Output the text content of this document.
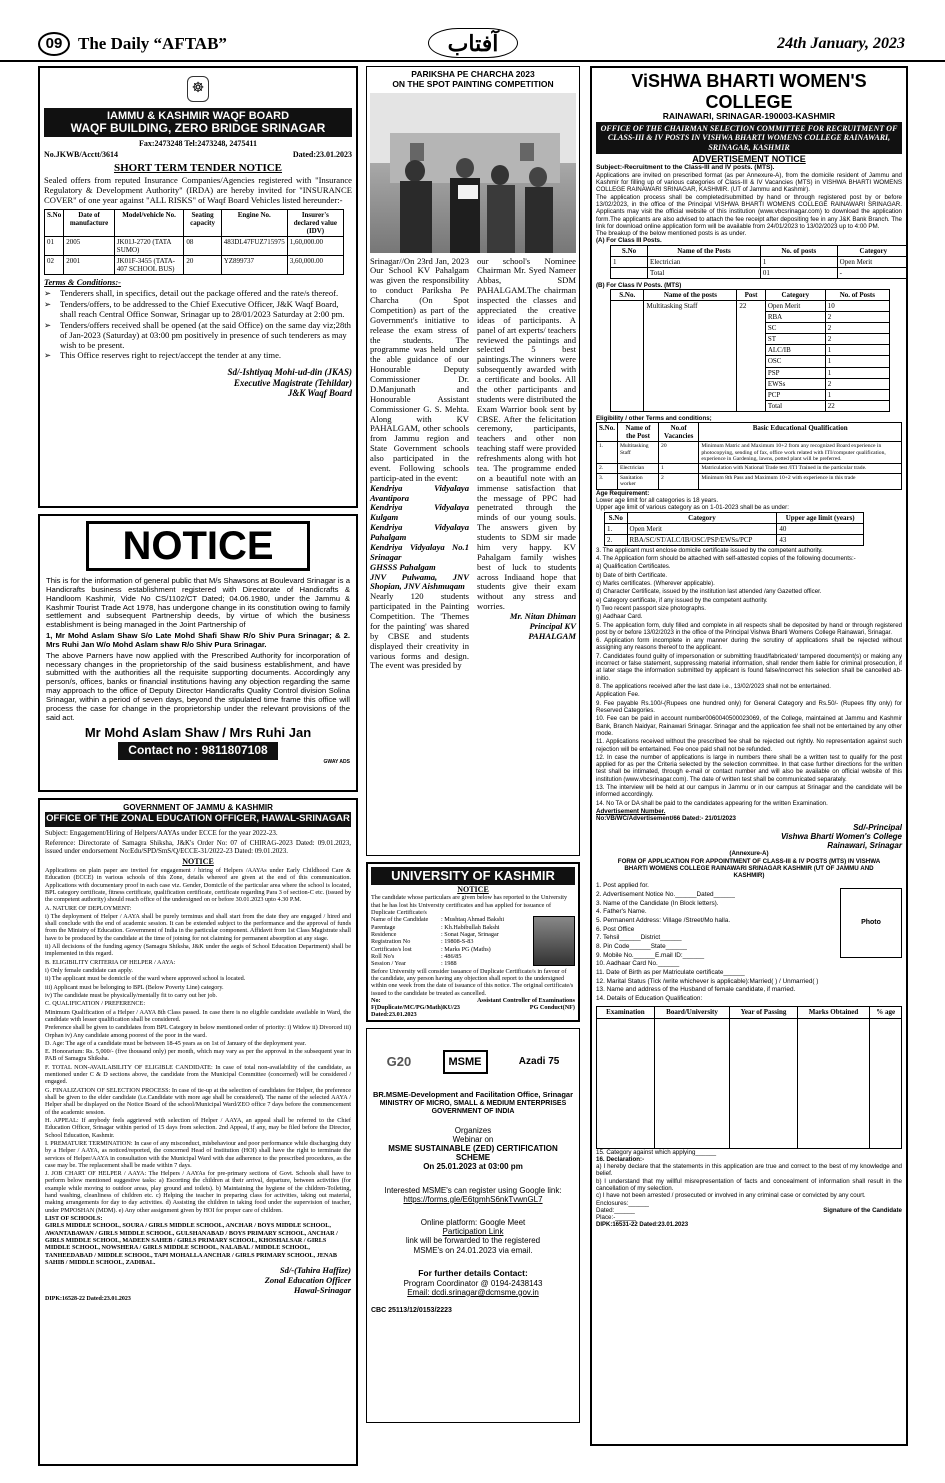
09 The Daily “AFTAB”	آفتاب	24th January, 2023
☸
IAMMU & KASHMIR WAQF BOARD
WAQF BUILDING, ZERO BRIDGE SRINAGAR
Fax:2473248 Tel:2473248, 2475411
No.JKWB/Acctt/3614	Dated:23.01.2023
SHORT TERM TENDER NOTICE
Sealed offers from reputed Insurance Companies/Agencies registered with "Insurance Regulatory & Development Authority" (IRDA) are hereby invited for "INSURANCE COVER" of one year against "ALL RISKS" of Waqf Board Vehicles listed hereunder:-
S.No	Date of manufacture	Model/vehicle No.	Seating capacity	Engine No.	Insurer's declared value (IDV)
01	2005	JK01J-2720 (TATA SUMO)	08	483DL47FUZ715975	1,60,000.00
02	2001	JK01F-3455 (TATA-407 SCHOOL BUS)	20	YZ899737	3,60,000.00
Terms & Conditions:-
➢	Tenderers shall, in specifics, detail out the package offered and the rate/s thereof.
➢	Tenders/offers, to be addressed to the Chief Executive Officer, J&K Waqf Board, shall reach Central Office Sonwar, Srinagar up to 28/01/2023 Saturday at 2:00 pm.
➢	Tenders/offers received shall be opened (at the said Office) on the same day viz;28th of Jan-2023 (Saturday) at 03:00 pm positively in presence of such tenderers as may wish to be present.
➢	This Office reserves right to reject/accept the tender at any time.
Sd/-Ishtiyaq Mohi-ud-din (JKAS)
Executive Magistrate (Tehildar)
J&K Waqf Board
NOTICE
This is for the information of general public that M/s Shawsons at Boulevard Srinagar is a Handicrafts business establishment registered with Directorate of Handicrafts & Handloom Kashmir, Vide No CS/1102/CT Dated; 04.06.1980, under the Jammu & Kashmir Tourist Trade Act 1978, has undergone change in its constitution owing to family settlement and subsequent Partnership deeds, by virtue of which the business establishment is being managed in the Joint Partnership of
1, Mr Mohd Aslam Shaw S/o Late Mohd Shafi Shaw R/o Shiv Pura Srinagar; & 2. Mrs Ruhi Jan W/o Mohd Aslam shaw R/o Shiv Pura Srinagar.
The above Parners have now applied with the Prescribed Authority for incorporation of necessary changes in the proprietorship of the said business establishment, and have submitted with the authorities all the requisite supporting documents. Accordingly any person/s, offices, banks or financial institutions having any objection regarding the same may approach to the office of Deputy Director Handicrafts Quality Control division Solina Srinagar, within a period of seven days, beyond the stipulated time frame this office will process the case for change in the proprietorship under the relevant provisions of the said act.
Mr Mohd Aslam Shaw / Mrs Ruhi Jan
Contact no : 9811807108
GWAY ADS
GOVERNMENT OF JAMMU & KASHMIR
OFFICE OF THE ZONAL EDUCATION OFFICER, HAWAL-SRINAGAR
Subject: Engagement/Hiring of Helpers/AAYAs under ECCE for the year 2022-23.
Reference: Directorate of Samagra Shiksha, J&K's Order No: 07 of CHIRAG-2023 Dated: 09.01.2023, issued under endorsement No:Edu/SPD/SmS/Q/ECCE-31/2022-23 Dated: 09.01.2023.
NOTICE
Applications on plain paper are invited for engagement / hiring of Helpers /AAYAs under Early Childhood Care & Education (ECCE) in various schools of this Zone, details whereof are given at the end of this communication. Applications with documentary proof in each case viz. Gender, Domicile of the particular area where the school is located, BPL category certificate, fitness certificate, qualification certificate, certificate regarding Para 3 of section-C etc. (issued by the competent authority) should reach office of the undersigned on or before 30.01.2023 upto 4.30 P.M.
A. NATURE OF DEPLOYMENT:
i) The deployment of Helper / AAYA shall be purely terminus and shall start from the date they are engaged / hired and shall conclude with the end of academic session. It can be extended subject to the performance and the approval of funds from the Ministry of Education. Government of India in the particular component. Affidavit from 1st Class Magistrate shall have to be produced by the candidate at the time of joining for not claiming for permanent absorption at any stage.
ii) All decisions of the funding agency (Samagra Shiksha, J&K under the aegis of School Education Department) shall be implemented in this regard.
B. ELIGIBILITY CRITERIA OF HELPER / AAYA:
i) Only female candidate can apply.
ii) The applicant must be domicile of the ward where approved school is located.
iii) Applicant must be belonging to BPL (Below Poverty Line) category.
iv) The candidate must be physically/mentally fit to carry out her job.
C. QUALIFICATION / PREFERENCE:
Minimum Qualification of a Helper / AAYA 8th Class passed. In case there is no eligible candidate available in Ward, the candidate with lesser qualification shall be considered.
Preference shall be given to candidates from BPL Category in below mentioned order of priority: i) Widow ii) Divorced iii) Orphan iv) Any candidate among poorest of the poor in the ward.
D. Age: The age of a candidate must be between 18-45 years as on 1st of January of the deployment year.
E. Honorarium: Rs. 5,000/- (five thousand only) per month, which may vary as per the approval in the subsequent year in PAB of Samagra Shiksha.
F. TOTAL NON-AVAILABILITY OF ELIGIBLE CANDIDATE: In case of total non-availability of the candidate, as mentioned under C & D sections above, the candidate from the Municipal Committee (concerned) will be considered / engaged.
G. FINALIZATION OF SELECTION PROCESS: In case of tie-up at the selection of candidates for Helper, the preference shall be given to the elder candidate (i.e.Candidate with more age shall be considered). The name of the selected AAYA / Helper shall be displayed on the Notice Board of the school/Municipal Ward/ZEO office 7 days before the commencement of the academic session.
H. APPEAL: If anybody feels aggrieved with selection of Helper / AAYA, an appeal shall be referred to the Chief Education Officer, Srinagar within period of 15 days from selection. 2nd Appeal, if any, may be filed before the Director, School Education, Kashmir.
I. PREMATURE TERMINATION: In case of any misconduct, misbehaviour and poor performance while discharging duty by a Helper / AAYA, as noticed/reported, the concerned Head of Institution (HOI) shall have the right to terminate the services of Helper/AAYA in consultation with the Municipal Ward with due adherence to the prescribed procedures, as the case may be. The replacement shall be made within 7 days.
J. JOB CHART OF HELPER / AAYA: The Helpers / AAYAs for pre-primary sections of Govt. Schools shall have to perform below mentioned suggestive tasks: a) Escorting the children at their arrival, departure, between activities (for example while moving to outdoor areas, play ground and toilets). b) Maintaining the hygiene of the children-Toileting, hand washing, cleanliness of children etc. c) Helping the teacher in preparing class for activities, taking out material, making arrangements for day to day activities. d) Assisting the children in taking food under the supervision of teacher, under PMPOSHAN (MDM). e) Any other assignment given by HOI for proper care of children.
LIST OF SCHOOLS:
GIRLS MIDDLE SCHOOL, SOURA / GIRLS MIDDLE SCHOOL, ANCHAR / BOYS MIDDLE SCHOOL, AWANTABAWAN / GIRLS MIDDLE SCHOOL, GULSHANABAD / BOYS PRIMARY SCHOOL, ANCHAR / GIRLS MIDDLE SCHOOL, MADEEN SAHEB / GIRLS PRIMARY SCHOOL, KHOSHALSAR / GIRLS MIDDLE SCHOOL, NOWSHERA / GIRLS MIDDLE SCHOOL, NALABAL / MIDDLE SCHOOL, TANHEEDABAD / MIDDLE SCHOOL, TAPI MOHALLA ANCHAR / GIRLS PRIMARY SCHOOL, JENAB SAHIB / MIDDLE SCHOOL, ZADIBAL.
Sd/-(Tahira Haffize)
Zonal Education Officer
Hawal-Srinagar
DIPK:16528-22 Dated:23.01.2023
PARIKSHA PE CHARCHA 2023
ON THE SPOT PAINTING COMPETITION
Srinagar//On 23rd Jan, 2023 Our School KV Pahalgam was given the responsibility to conduct Pariksha Pe Charcha (On Spot Competition) as part of the Government's initiative to release the exam stress of the students. The programme was held under the able guidance of our Honourable Deputy Commissioner Dr. D.Manjunath and Honourable Assistant Commissioner G. S. Mehta. Along with KV PAHALGAM, other schools from Jammu region and State Government schools also participated in the event. Following schools particip-ated in the event:
Kendriya Vidyalaya Avantipora
Kendriya Vidyalaya Kulgam
Kendriya Vidyalaya Pahalgam
Kendriya Vidyalaya No.1 Srinagar
GHSSS Pahalgam
JNV Pulwama, JNV Shopian, JNV Aishmuqam
Nearly 120 students participated in the Painting Competition. The 'Themes for the painting' was shared by CBSE and students displayed their creativity in various forms and design. The event was presided by
our school's Nominee Chairman Mr. Syed Nameer Abbas, SDM PAHALGAM.The chairman inspected the classes and appreciated the creative ideas of participants. A panel of art experts/ teachers reviewed the paintings and selected 5 best paintings.The winners were subsequently awarded with a certificate and books. All the other participants and students were distributed the Exam Warrior book sent by CBSE. After the felicitation ceremony, participants, teachers and other non teaching staff were provided refreshments along with hot tea. The programme ended on a beautiful note with an immense satisfaction that the message of PPC had penetrated through the minds of our young souls. The answers given by students to SDM sir made him very happy. KV Pahalgam family wishes best of luck to students across Indiaand hope that students give their exam without any stress and worries.
Mr. Nitan Dhiman
Principal KV
PAHALGAM
UNIVERSITY OF KASHMIR
NOTICE
The candidate whose particulars are given below has reported to the University that he has lost his University certificates and has applied for issuance of Duplicate Certificate/s
Name of the Candidate	: Mushtaq Ahmad Bakshi
Parentage	: Kh.Habibullah Bakshi
Residence	: Sonat Nagar, Srinagar
Registration No	: 19808-S-83
Certificate/s lost	: Marks PG (Maths)
Roll No's	: 486/85
Session / Year	: 1988
Before University will consider issuance of Duplicate Certificate/s in favour of the candidate, any person having any objection shall report to the undersigned within one week from the date of issuance of this notice. The original certificate/s issued to the candidate be treated as cancelled.
No: F(Duplicate/MC/PG/Math)KU/23
Dated:23.01.2023
Assistant Controller of Examinations PG Conduct(NF)
G20	MSME	Azadi 75
BR.MSME-Development and Facilitation Office, Srinagar
MINISTRY OF MICRO, SMALL & MEDIUM ENTERPRISES
GOVERNMENT OF INDIA
Organizes
Webinar on
MSME SUSTAINABLE (ZED) CERTIFICATION SCHEME
On 25.01.2023 at 03:00 pm
Interested MSME's can register using Google link:
https://forms.gle/E6tgmhS6nkTvwnGL7
Online platform: Google Meet
Participation Link
link will be forwarded to the registered MSME's on 24.01.2023 via email.
For further details Contact:
Program Coordinator @ 0194-2438143
Email: dcdi.srinagar@dcmsme.gov.in
CBC 25113/12/0153/2223
ViSHWA BHARTI WOMEN'S COLLEGE
RAINAWARI, SRINAGAR-190003-KASHMIR
OFFICE OF THE CHAIRMAN SELECTION COMMITTEE FOR RECRUITMENT OF CLASS-III & IV POSTS IN VISHWA BHARTI WOMENS COLLEGE RAINAWARI, SRINAGAR, KASHMIR
ADVERTISEMENT NOTICE
Subject:-Recruitment to the Class-III and IV posts. (MTS).
Applications are invited on prescribed format (as per Annexure-A), from the domicile resident of Jammu and Kashmir for filling up of various categories of Class-III & IV Vacancies (MTS) in VISHWA BHARTI WOMENS COLLEGE RAINAWARI SRINAGAR, KASHMIR. (UT of Jammu and Kashmir).
The application process shall be completed/submitted by hand or through registered post by or before 13/02/2023, in the office of the Principal VISHWA BHARTI WOMENS COLLEGE RAINAWARI SRINAGAR. Applicants may visit the official website of this institution (www.vbcsrinagar.com) to download the application form.The applicants are also advised to attach the fee receipt after depositing fee in any J&K Bank Branch. The link for download online application form will be available from 24/01/2023 to 13/02/2023 up to 4:00 PM.
The breakup of the below mentioned posts is as under.
(A) For Class III Posts.
S.No	Name of the Posts	No. of posts	Category
1	Electrician	1	Open Merit
	Total	01	-
(B) For Class IV Posts. (MTS)
S.No.	Name of the posts	Post	Category	No. of Posts
	Multitasking Staff	22	Open Merit	10
			RBA	2
			SC	2
			ST	2
			ALC/IB	1
			OSC	1
			PSP	1
			EWSs	2
			PCP	1
			Total	22
Eligibility / other Terms and conditions;
S.No.	Name of the Post	No.of Vacancies	Basic Educational Qualification
1.	Multitasking Staff	20	Minimum Matric and Maximum 10+2 from any recognized Board experience in photocopying, sending of fax, office work related with ITI/computer qualification, experience in Gardening, lawns, potted plant will be preferred.
2.	Electrician	1	Matriculation with National Trade test /ITI Trained in the particular trade.
3.	Sanitation worker	2	Minimum 8th Pass and Maximum 10+2 with experience in this trade
Age Requirement:
Lower age limit for all categories is 18 years.
Upper age limit of various category as on 1-01-2023 shall be as under:
S.No	Category	Upper age limit (years)
1.	Open Merit	40
2.	RBA/SC/ST/ALC/IB/OSC/PSP/EWSs/PCP	43
3. The applicant must enclose domicile certificate issued by the competent authority.
4. The Application form should be attached with self-attested copies of the following documents:-
a) Qualification Certificates.
b) Date of birth Certificate.
c) Marks certificates. (Wherever applicable).
d) Character Certificate, issued by the institution last attended /any Gazetted officer.
e) Category certificate, if any issued by the competent authority.
f) Two recent passport size photographs.
g) Aadhaar Card.
5. The application form, duly filled and complete in all respects shall be deposited by hand or through registered post by or before 13/02/2023 in the office of the Principal Vishwa Bharti Womens College Rainawari, Srinagar.
6. Application form incomplete in any manner during the scrutiny of applications shall be rejected without assigning any reasons thereof to the applicant.
7. Candidates found guilty of impersonation or submitting fraud/fabricated/ tampered document(s) or making any incorrect or false statement, suppressing material information, shall render them liable for criminal prosecution, if at later stage the information submitted by applicant is found false/incorrect his selection shall be cancelled ab-initio.
8. The applications received after the last date i.e., 13/02/2023 shall not be entertained.
Application Fee.
9. Fee payable Rs.100/-(Rupees one hundred only) for General Category and Rs.50/- (Rupees fifty only) for Reserved Categories.
10. Fee can be paid in account number0060040500023069, of the College, maintained at Jammu and Kashmir Bank, Branch Naidyar, Rainawari Srinagar. Srinagar and the application fee shall not be entertained by any other mode.
11. Applications received without the prescribed fee shall be rejected out rightly. No representation against such rejection will be entertained. Fee once paid shall not be refunded.
12. In case the number of applications is large in numbers there shall be a written test to qualify for the post applied for as per the Criteria selected by the selection committee. In that case further directions for the written test shall be intimated, through e-mail or contact number and will also be available on official website of this institution (www.vbcsrinagar.com). The date of written test shall be communicated separately.
13. The interview will be held at our campus in Jammu or in our campus at Srinagar and the candidate will be informed accordingly.
14. No TA or DA shall be paid to the candidates appearing for the written Examination.
Advertisement Number.
No:VB/WC/Advertisement/66 Dated:- 21/01/2023
Sd/-Principal
Vishwa Bharti Women's College
Rainawari, Srinagar
(Annexure-A)
FORM OF APPLICATION FOR APPOINTMENT OF CLASS-III & IV POSTS (MTS) IN VISHWA BHARTI WOMENS COLLEGE RAINAWARI SRINAGAR KASHMIR (UT OF JAMMU AND KASHMIR)
1. Post applied for.
2. Advertisement Notice No.______Dated______
3. Name of the Candidate (In Block letters).
4. Father's Name.
5. Permanent Address: Village /Street/Mo halla.
6. Post Office
7. Tehsil______District______
8. Pin Code______State______
9. Mobile No.______E.mail ID:______
10. Aadhaar Card No.______
11. Date of Birth as per Matriculate certificate______
12. Marital Status (Tick /write whichever is applicable):Married( ) / Unmarried( )
13. Name and address of the Husband of female candidate, if married.
14. Details of Education Qualification:
Photo
Examination	Board/University	Year of Passing	Marks Obtained	% age

15. Category against which applying______
16. Declaration:-
a) I hereby declare that the statements in this application are true and correct to the best of my knowledge and belief.
b) I understand that my willful misrepresentation of facts and concealment of information shall result in the cancellation of my selection.
c) I have not been arrested / prosecuted or involved in any criminal case or convicted by any court.
Enclosures:______
Dated:______
Place:-______
Signature of the Candidate
DIPK:16531-22 Dated:23.01.2023
